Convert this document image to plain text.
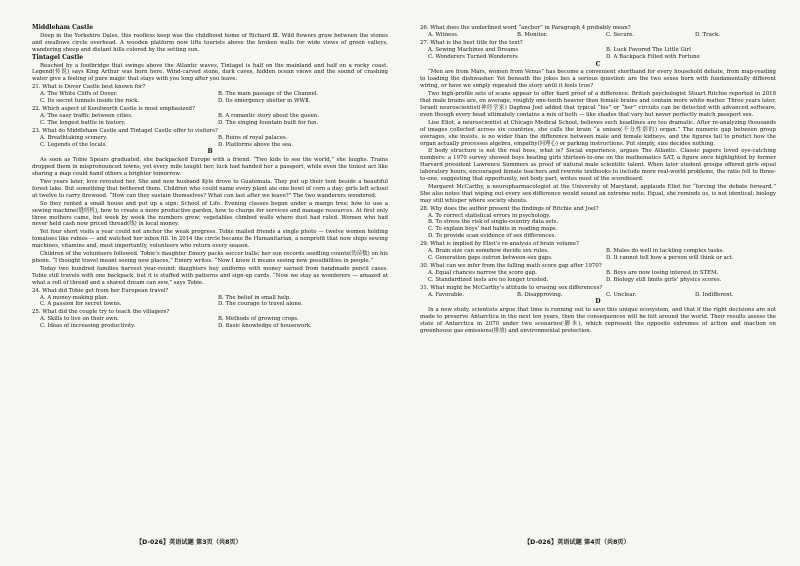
Middleham Castle

Deep in the Yorkshire Dales, this roofless keep was the childhood home of Richard Ⅲ. Wild flowers grow between the stones and swallows circle overhead. A wooden platform now lifts tourists above the broken walls for wide views of green valleys, wandering sheep and distant hills colored by the setting sun.

Tintagel Castle

Reached by a footbridge that swings above the Atlantic waves, Tintagel is half on the mainland and half on a rocky coast. Legend(传说) says King Arthur was born here. Wind-carved stone, dark caves, hidden ocean views and the sound of crashing water give a feeling of pure magic that stays with you long after you leave.

21. What is Dover Castle best known for?
A. The White Cliffs of Dover.	B. The main passage of the Channel.
C. Its secret tunnels inside the rock.	D. Its emergency shelter in WWⅡ.
22. Which aspect of Kenilworth Castle is most emphasized?
A. The easy traffic between cities.	B. A romantic story about the queen.
C. The longest battle in history.	D. The singing fountain built for fun.
23. What do Middleham Castle and Tintagel Castle offer to visitors?
A. Breathtaking scenery.	B. Ruins of royal palaces.
C. Legends of the locals.	D. Platforms above the sea.
B

As soon as Tobie Spears graduated, she backpacked Europe with a friend. “Two kids to see the world,” she laughs. Trains dropped them in mispronounced towns, yet every mile taught her; luck had handed her a passport, while even the tiniest act like sharing a map could hand others a brighter tomorrow.

Two years later, love rerouted her. She and new husband Kyle drove to Guatemala. They put up their tent beside a beautiful forest lake. But something that bothered them. Children who could name every plant ate one bowl of corn a day; girls left school at twelve to carry firewood. “How can they sustain themselves? What can last after we leave?” The two wanderers wondered.

So they rented a small house and put up a sign: School of Life. Evening classes began under a mango tree; how to use a sewing machine(缝纫机), how to create a more productive garden, how to charge for services and manage resources. At first only three mothers came, but week by week the numbers grew; vegetables climbed walls where dust had ruled. Women who had never held cash now priced thread(线) in local money.

Yet four short visits a year could not anchor the weak progress. Tobie mailed friends a single photo — twelve women holding tomatoes like rubies — and watched her inbox fill. In 2014 the circle became Be Humanitarian, a nonprofit that now ships sewing machines, vitamins and, most importantly, volunteers who return every season.

Children of the volunteers followed. Tobie’s daughter Emery packs soccer balls; her son records seedling counts(幼苗数) on his phone. “I thought travel meant seeing new places,” Emery writes. “Now I know it means seeing new possibilities in people.”

Today two hundred families harvest year-round; daughters buy uniforms with money earned from handmade pencil cases. Tobie still travels with one backpack, but it is stuffed with patterns and sign-up cards. “Now we stay as wonderers — amazed at what a roll of thread and a shared dream can sew,” says Tobie.

24. What did Tobie get from her European travel?
A. A money-making plan.	B. The belief in small help.
C. A passion for secret towns.	D. The courage to travel alone.
25. What did the couple try to teach the villagers?
A. Skills to live on their own.	B. Methods of growing crops.
C. Ideas of increasing productivity.	D. Basic knowledge of housework.
【D-026】英语试题 第3页（共8页）
26. What does the underlined word “anchor” in Paragraph 4 probably mean?
A. Witness.	B. Monitor.	C. Secure.	D. Track.
27. What is the best title for the text?
A. Sewing Machines and Dreams	B. Luck Favored The Little Girl
C. Wonderers Turned Wonderers	D. A Backpack Filled with Fortune
C

“Men are from Mars, women from Venus” has become a convenient shorthand for every household debate, from map-reading to loading the dishwasher. Yet beneath the jokes lies a serious question: are the two sexes born with fundamentally different wiring, or have we simply repeated the story until it feels true?

Two high-profile sets of scans appear to offer hard proof of a difference. British psychologist Stuart Ritchie reported in 2018 that male brains are, on average, roughly one-tenth heavier than female brains and contain more white matter. Three years later, Israeli neuroscientist(神经学家) Daphna Joel added that typical “his” or “her” circuits can be detected with advanced software, even though every head ultimately contains a mix of both — like shades that vary but never perfectly match passport sex.

Lise Eliot, a neuroscientist at Chicago Medical School, believes such headlines are too dramatic. After re-analyzing thousands of images collected across six countries, she calls the brain “a unisex(不分性别的) organ.” The numeric gap between group averages, she insists, is no wider than the difference between male and female kidneys, and the figures fail to predict how the organ actually processes algebra, empathy(同理心) or parking instructions. Put simply, size decides nothing.

If body structure is not the real boss, what is? Social experience, argues The Atlantic. Classic papers loved eye-catching numbers: a 1970 survey showed boys beating girls thirteen-to-one on the mathematics SAT, a figure once highlighted by former Harvard president Lawrence Summers as proof of natural male scientific talent. When later student groups offered girls equal laboratory hours, encouraged female teachers and rewrote textbooks to include more real-world problems, the ratio fell to three-to-one, suggesting that opportunity, not body part, writes most of the scoreboard.

Margaret McCarthy, a neuropharmacologist at the University of Maryland, applauds Eliot for “forcing the debate forward.” She also notes that wiping out every sex difference would sound an extreme note. Equal, she reminds us, is not identical; biology may still whisper where society shouts.

28. Why does the author present the findings of Ritchie and Joel?
A. To correct statistical errors in psychology.
B. To stress the risk of single-country data sets.
C. To explain boys’ bad habits in reading maps.
D. To provide scan evidence of sex differences.
29. What is implied by Eliot’s re-analysis of brain volume?
A. Brain size can somehow decide sex rules.	B. Males do well in tackling complex tasks.
C. Generation gaps outrun between-sex gaps.	D. It cannot tell how a person will think or act.
30. What can we infer from the falling math score gap after 1970?
A. Equal chances narrow the score gap.	B. Boys are now losing interest in STEM.
C. Standardized tests are no longer trusted.	D. Biology still limits girls’ physics scores.
31. What might be McCarthy’s attitude to erasing sex differences?
A. Favorable.	B. Disapproving.	C. Unclear.	D. Indifferent.
D

In a new study, scientists argue that time is running out to save this unique ecosystem, and that if the right decisions are not made to preserve Antarctica in the next ten years, then the consequences will be felt around the world. Their results assess the state of Antarctica in 2070 under two scenarios(脚本), which represent the opposite extremes of action and inaction on greenhouse gas emissions(排放) and environmental protection.

【D-026】英语试题 第4页（共8页）
